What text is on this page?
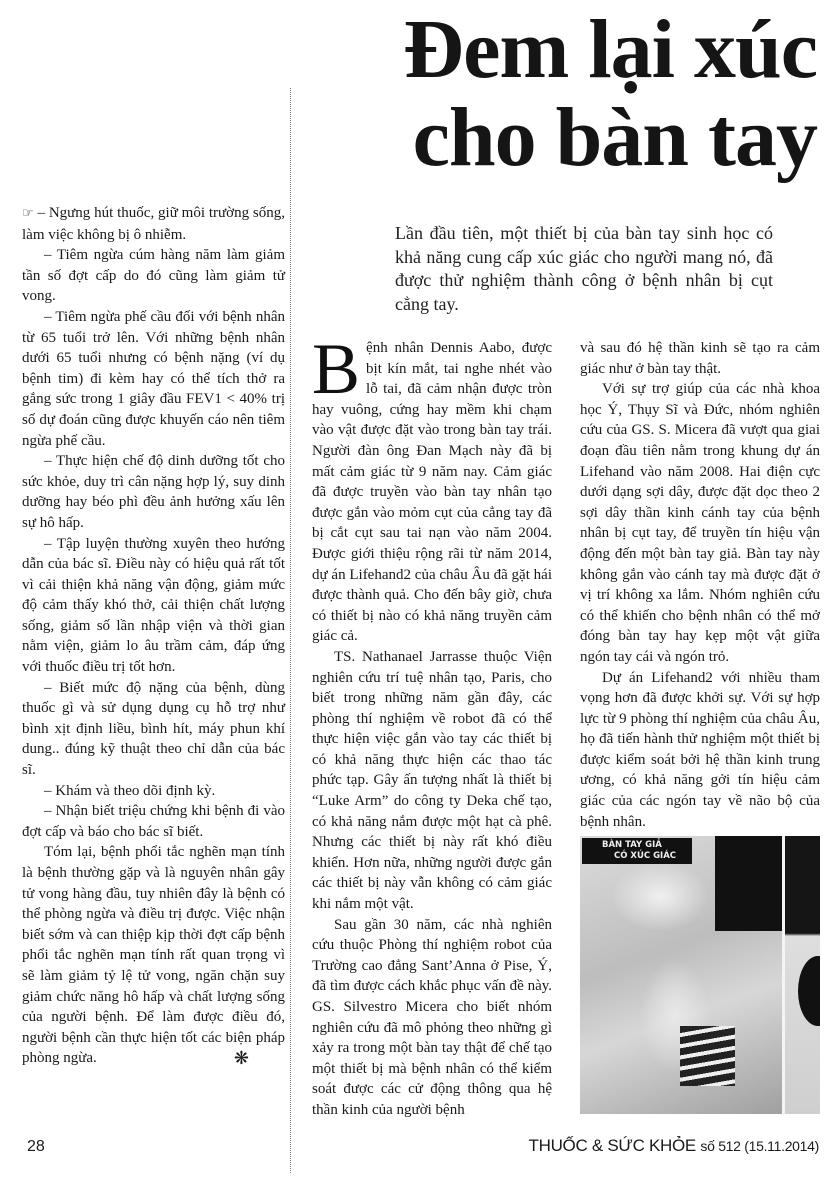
Đem lại xúc
cho bàn tay
Lần đầu tiên, một thiết bị của bàn tay sinh học có khả năng cung cấp xúc giác cho người mang nó, đã được thử nghiệm thành công ở bệnh nhân bị cụt cẳng tay.

☞ – Ngưng hút thuốc, giữ môi trường sống, làm việc không bị ô nhiễm.

– Tiêm ngừa cúm hàng năm làm giảm tần số đợt cấp do đó cũng làm giảm tử vong.

– Tiêm ngừa phế cầu đối với bệnh nhân từ 65 tuổi trở lên. Với những bệnh nhân dưới 65 tuổi nhưng có bệnh nặng (ví dụ bệnh tim) đi kèm hay có thể tích thở ra gắng sức trong 1 giây đầu FEV1 < 40% trị số dự đoán cũng được khuyến cáo nên tiêm ngừa phế cầu.

– Thực hiện chế độ dinh dưỡng tốt cho sức khỏe, duy trì cân nặng hợp lý, suy dinh dưỡng hay béo phì đều ảnh hưởng xấu lên sự hô hấp.

– Tập luyện thường xuyên theo hướng dẫn của bác sĩ. Điều này có hiệu quả rất tốt vì cải thiện khả năng vận động, giảm mức độ cảm thấy khó thở, cải thiện chất lượng sống, giảm số lần nhập viện và thời gian nằm viện, giảm lo âu trầm cảm, đáp ứng với thuốc điều trị tốt hơn.

– Biết mức độ nặng của bệnh, dùng thuốc gì và sử dụng dụng cụ hỗ trợ như bình xịt định liều, bình hít, máy phun khí dung.. đúng kỹ thuật theo chỉ dẫn của bác sĩ.

– Khám và theo dõi định kỳ.

– Nhận biết triệu chứng khi bệnh đi vào đợt cấp và báo cho bác sĩ biết.

Tóm lại, bệnh phổi tắc nghẽn mạn tính là bệnh thường gặp và là nguyên nhân gây tử vong hàng đầu, tuy nhiên đây là bệnh có thể phòng ngừa và điều trị được. Việc nhận biết sớm và can thiệp kịp thời đợt cấp bệnh phổi tắc nghẽn mạn tính rất quan trọng vì sẽ làm giảm tỷ lệ tử vong, ngăn chặn suy giảm chức năng hô hấp và chất lượng sống của người bệnh. Để làm được điều đó, người bệnh cần thực hiện tốt các biện pháp phòng ngừa.	❋

Bệnh nhân Dennis Aabo, được bịt kín mắt, tai nghe nhét vào lỗ tai, đã cảm nhận được tròn hay vuông, cứng hay mềm khi chạm vào vật được đặt vào trong bàn tay trái. Người đàn ông Đan Mạch này đã bị mất cảm giác từ 9 năm nay. Cảm giác đã được truyền vào bàn tay nhân tạo được gắn vào mỏm cụt của cẳng tay đã bị cắt cụt sau tai nạn vào năm 2004. Được giới thiệu rộng rãi từ năm 2014, dự án Lifehand2 của châu Âu đã gặt hái được thành quả. Cho đến bây giờ, chưa có thiết bị nào có khả năng truyền cảm giác cả.

TS. Nathanael Jarrasse thuộc Viện nghiên cứu trí tuệ nhân tạo, Paris, cho biết trong những năm gần đây, các phòng thí nghiệm về robot đã có thể thực hiện việc gắn vào tay các thiết bị có khả năng thực hiện các thao tác phức tạp. Gây ấn tượng nhất là thiết bị “Luke Arm” do công ty Deka chế tạo, có khả năng nắm được một hạt cà phê. Nhưng các thiết bị này rất khó điều khiển. Hơn nữa, những người được gắn các thiết bị này vẫn không có cảm giác khi nắm một vật.

Sau gần 30 năm, các nhà nghiên cứu thuộc Phòng thí nghiệm robot của Trường cao đẳng Sant’Anna ở Pise, Ý, đã tìm được cách khắc phục vấn đề này. GS. Silvestro Micera cho biết nhóm nghiên cứu đã mô phỏng theo những gì xảy ra trong một bàn tay thật để chế tạo một thiết bị mà bệnh nhân có thể kiểm soát được các cử động thông qua hệ thần kinh của người bệnh

và sau đó hệ thần kinh sẽ tạo ra cảm giác như ở bàn tay thật.

Với sự trợ giúp của các nhà khoa học Ý, Thụy Sĩ và Đức, nhóm nghiên cứu của GS. S. Micera đã vượt qua giai đoạn đầu tiên nằm trong khung dự án Lifehand vào năm 2008. Hai điện cực dưới dạng sợi dây, được đặt dọc theo 2 sợi dây thần kinh cánh tay của bệnh nhân bị cụt tay, để truyền tín hiệu vận động đến một bàn tay giả. Bàn tay này không gắn vào cánh tay mà được đặt ở vị trí không xa lắm. Nhóm nghiên cứu có thể khiến cho bệnh nhân có thể mở đóng bàn tay hay kẹp một vật giữa ngón tay cái và ngón trỏ.

Dự án Lifehand2 với nhiều tham vọng hơn đã được khởi sự. Với sự hợp lực từ 9 phòng thí nghiệm của châu Âu, họ đã tiến hành thử nghiệm một thiết bị được kiểm soát bởi hệ thần kinh trung ương, có khả năng gởi tín hiệu cảm giác của các ngón tay về não bộ của bệnh nhân.

BÀN TAY GIẢ
CÓ XÚC GIÁC
28	THUỐC & SỨC KHỎE số 512 (15.11.2014)
